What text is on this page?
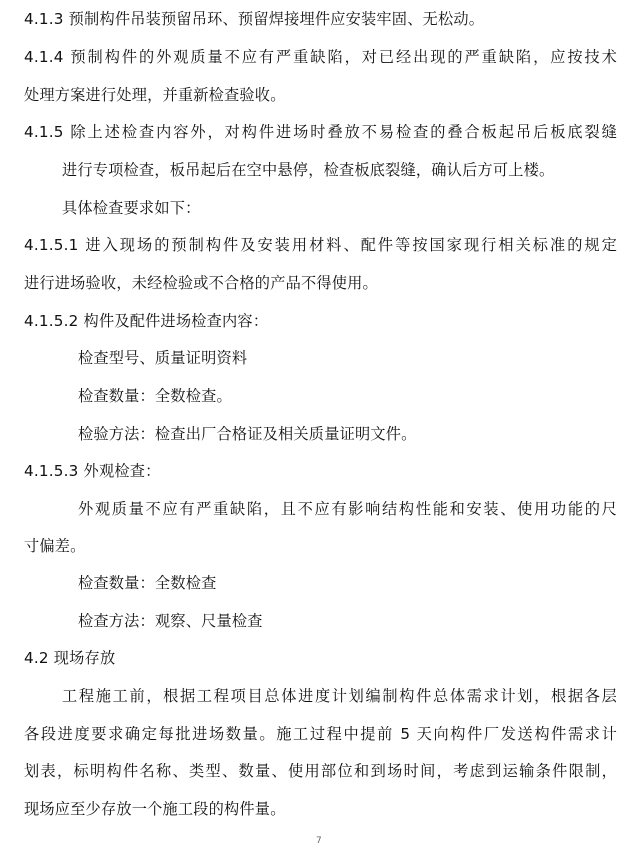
4.1.3 预制构件吊装预留吊环、预留焊接埋件应安装牢固、无松动。
4.1.4 预制构件的外观质量不应有严重缺陷，对已经出现的严重缺陷，应按技术
处理方案进行处理，并重新检查验收。
4.1.5 除上述检查内容外，对构件进场时叠放不易检查的叠合板起吊后板底裂缝
进行专项检查，板吊起后在空中悬停，检查板底裂缝，确认后方可上楼。
具体检查要求如下：
4.1.5.1 进入现场的预制构件及安装用材料、配件等按国家现行相关标准的规定
进行进场验收，未经检验或不合格的产品不得使用。
4.1.5.2 构件及配件进场检查内容：
检查型号、质量证明资料
检查数量：全数检查。
检验方法：检查出厂合格证及相关质量证明文件。
4.1.5.3 外观检查：
外观质量不应有严重缺陷，且不应有影响结构性能和安装、使用功能的尺
寸偏差。
检查数量：全数检查
检查方法：观察、尺量检查
4.2 现场存放
工程施工前，根据工程项目总体进度计划编制构件总体需求计划，根据各层
各段进度要求确定每批进场数量。施工过程中提前 5 天向构件厂发送构件需求计
划表，标明构件名称、类型、数量、使用部位和到场时间，考虑到运输条件限制，
现场应至少存放一个施工段的构件量。
7
